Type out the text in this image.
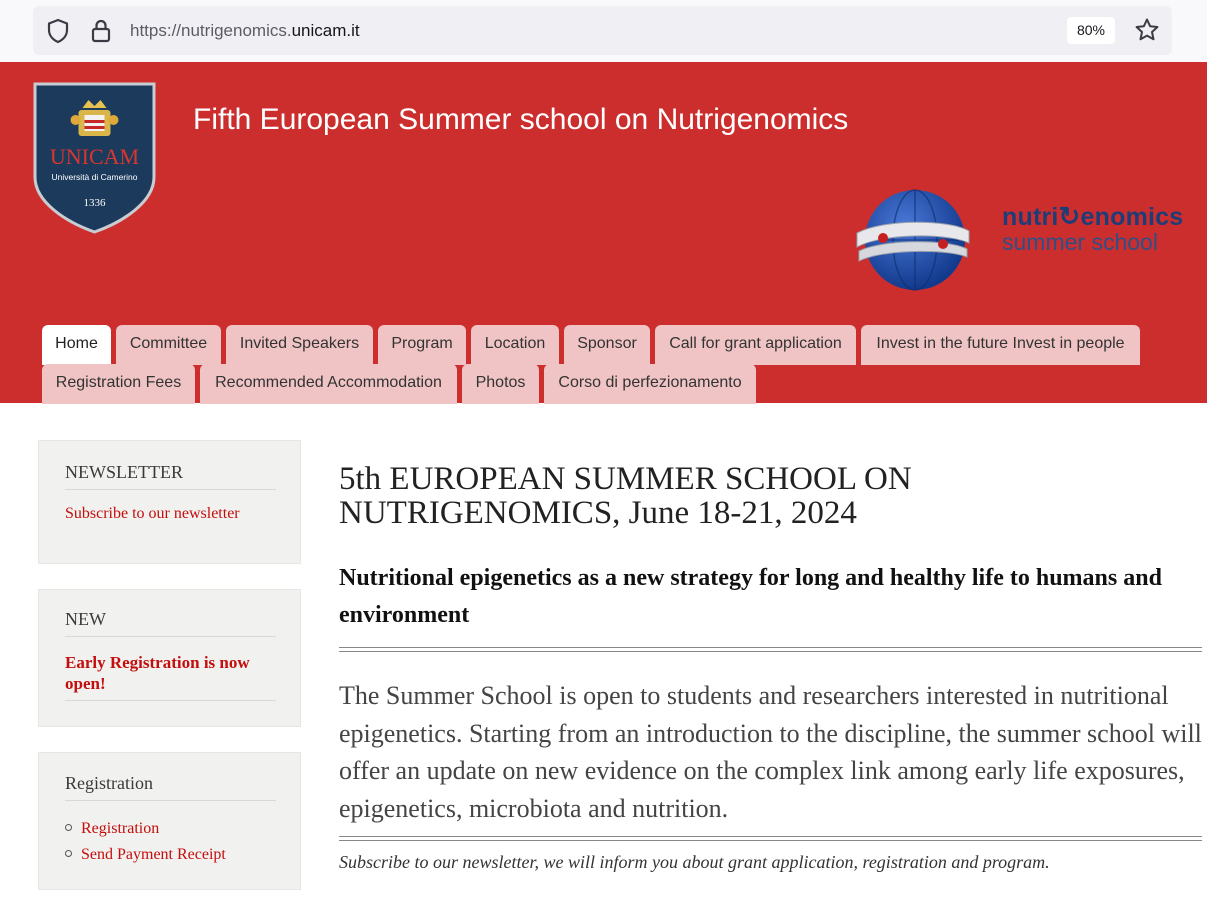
https://nutrigenomics.unicam.it	80%
UNICAM
Università di Camerino
1336
Fifth European Summer school on Nutrigenomics
nutri↻enomics
summer school
Home	Committee	Invited Speakers	Program	Location	Sponsor	Call for grant application	Invest in the future Invest in people
Registration Fees	Recommended Accommodation	Photos	Corso di perfezionamento
NEWSLETTER
Subscribe to our newsletter
NEW
Early Registration is now open!
Registration
Registration
Send Payment Receipt
5th EUROPEAN SUMMER SCHOOL ON NUTRIGENOMICS, June 18-21, 2024
Nutritional epigenetics as a new strategy for long and healthy life to humans and environment
The Summer School is open to students and researchers interested in nutritional epigenetics. Starting from an introduction to the discipline, the summer school will offer an update on new evidence on the complex link among early life exposures, epigenetics, microbiota and nutrition.
Subscribe to our newsletter, we will inform you about grant application, registration and program.
